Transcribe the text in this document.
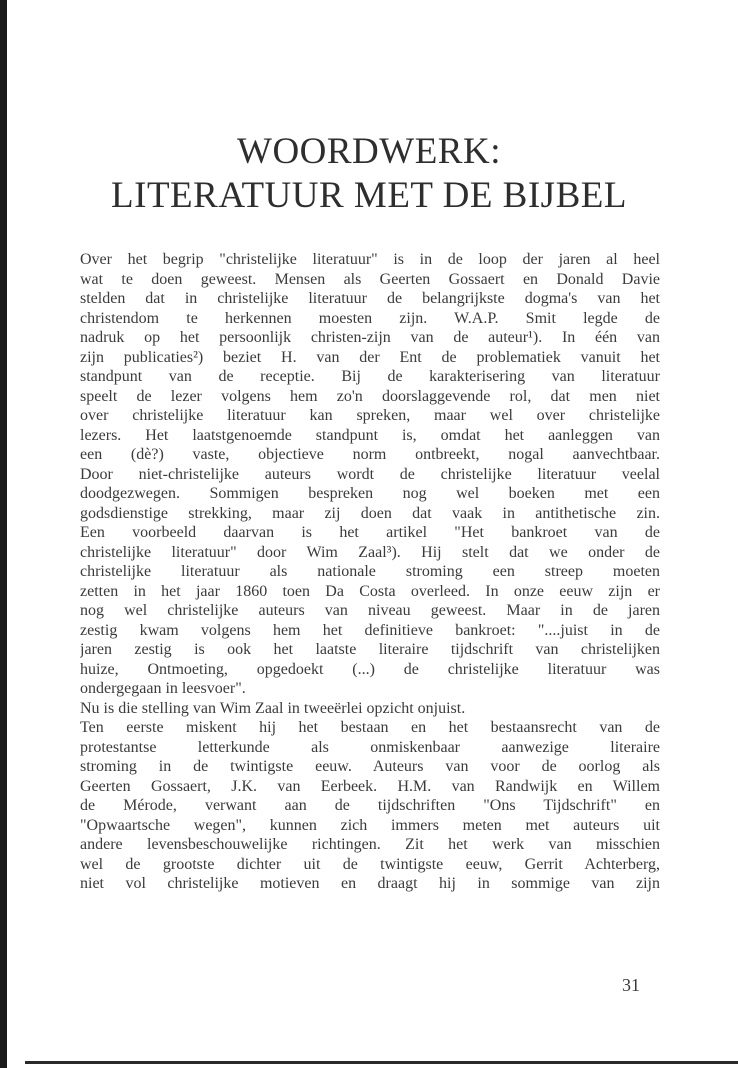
WOORDWERK:
LITERATUUR MET DE BIJBEL
Over het begrip "christelijke literatuur" is in de loop der jaren al heel
wat te doen geweest. Mensen als Geerten Gossaert en Donald Davie
stelden dat in christelijke literatuur de belangrijkste dogma's van het
christendom te herkennen moesten zijn. W.A.P. Smit legde de
nadruk op het persoonlijk christen-zijn van de auteur¹). In één van
zijn publicaties²) beziet H. van der Ent de problematiek vanuit het
standpunt van de receptie. Bij de karakterisering van literatuur
speelt de lezer volgens hem zo'n doorslaggevende rol, dat men niet
over christelijke literatuur kan spreken, maar wel over christelijke
lezers. Het laatstgenoemde standpunt is, omdat het aanleggen van
een (dè?) vaste, objectieve norm ontbreekt, nogal aanvechtbaar.
Door niet-christelijke auteurs wordt de christelijke literatuur veelal
doodgezwegen. Sommigen bespreken nog wel boeken met een
godsdienstige strekking, maar zij doen dat vaak in antithetische zin.
Een voorbeeld daarvan is het artikel "Het bankroet van de
christelijke literatuur" door Wim Zaal³). Hij stelt dat we onder de
christelijke literatuur als nationale stroming een streep moeten
zetten in het jaar 1860 toen Da Costa overleed. In onze eeuw zijn er
nog wel christelijke auteurs van niveau geweest. Maar in de jaren
zestig kwam volgens hem het definitieve bankroet: "....juist in de
jaren zestig is ook het laatste literaire tijdschrift van christelijken
huize, Ontmoeting, opgedoekt (...) de christelijke literatuur was
ondergegaan in leesvoer".
Nu is die stelling van Wim Zaal in tweeërlei opzicht onjuist.
Ten eerste miskent hij het bestaan en het bestaansrecht van de
protestantse letterkunde als onmiskenbaar aanwezige literaire
stroming in de twintigste eeuw. Auteurs van voor de oorlog als
Geerten Gossaert, J.K. van Eerbeek. H.M. van Randwijk en Willem
de Mérode, verwant aan de tijdschriften "Ons Tijdschrift" en
"Opwaartsche wegen", kunnen zich immers meten met auteurs uit
andere levensbeschouwelijke richtingen. Zit het werk van misschien
wel de grootste dichter uit de twintigste eeuw, Gerrit Achterberg,
niet vol christelijke motieven en draagt hij in sommige van zijn
31
